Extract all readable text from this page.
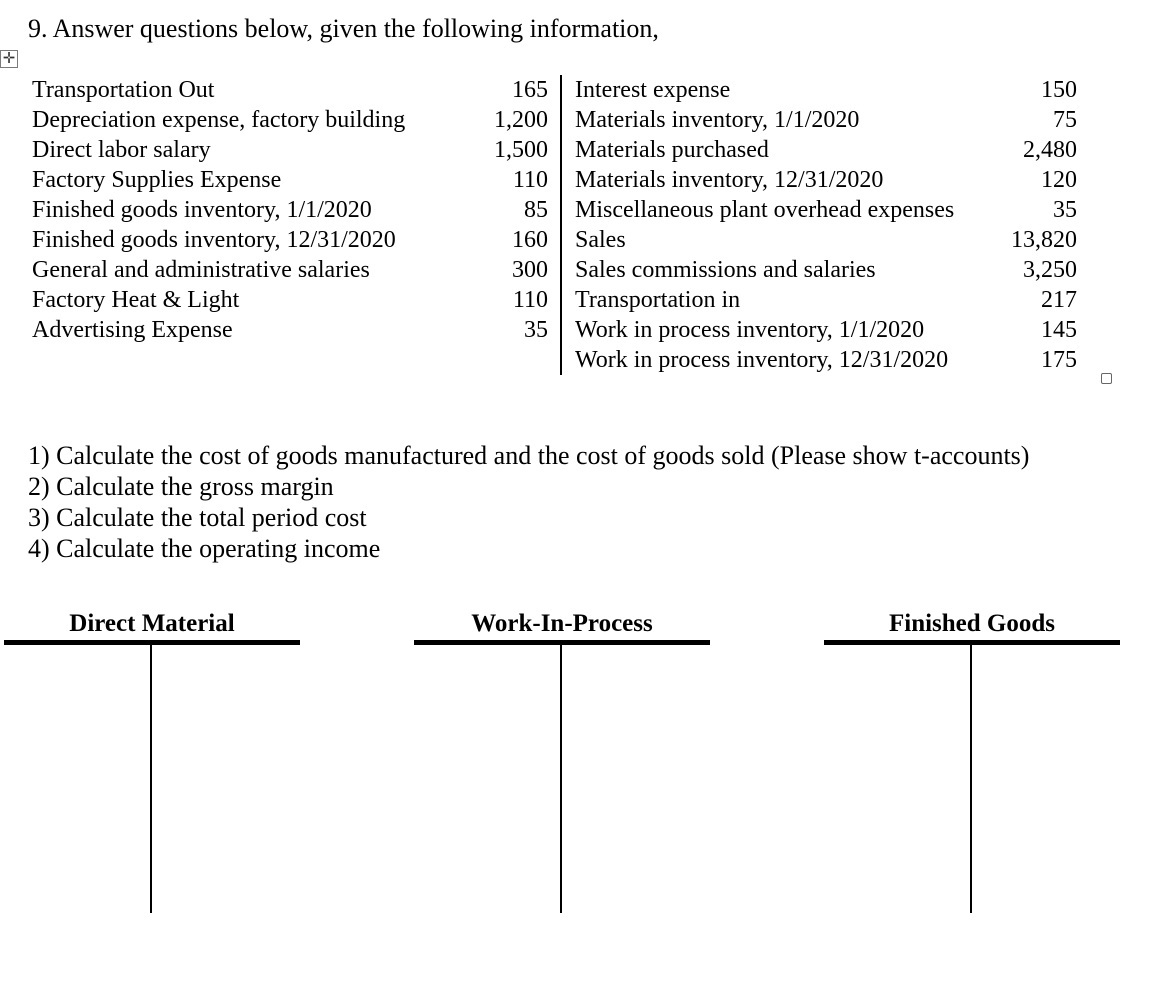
9. Answer questions below, given the following information,
✛
Transportation Out	165	Interest expense	150
Depreciation expense, factory building	1,200	Materials inventory, 1/1/2020	75
Direct labor salary	1,500	Materials purchased	2,480
Factory Supplies Expense	110	Materials inventory, 12/31/2020	120
Finished goods inventory, 1/1/2020	85	Miscellaneous plant overhead expenses	35
Finished goods inventory, 12/31/2020	160	Sales	13,820
General and administrative salaries	300	Sales commissions and salaries	3,250
Factory Heat & Light	110	Transportation in	217
Advertising Expense	35	Work in process inventory, 1/1/2020	145
		Work in process inventory, 12/31/2020	175
1) Calculate the cost of goods manufactured and the cost of goods sold (Please show t-accounts)
2) Calculate the gross margin
3) Calculate the total period cost
4) Calculate the operating income
Direct Material	Work-In-Process	Finished Goods
